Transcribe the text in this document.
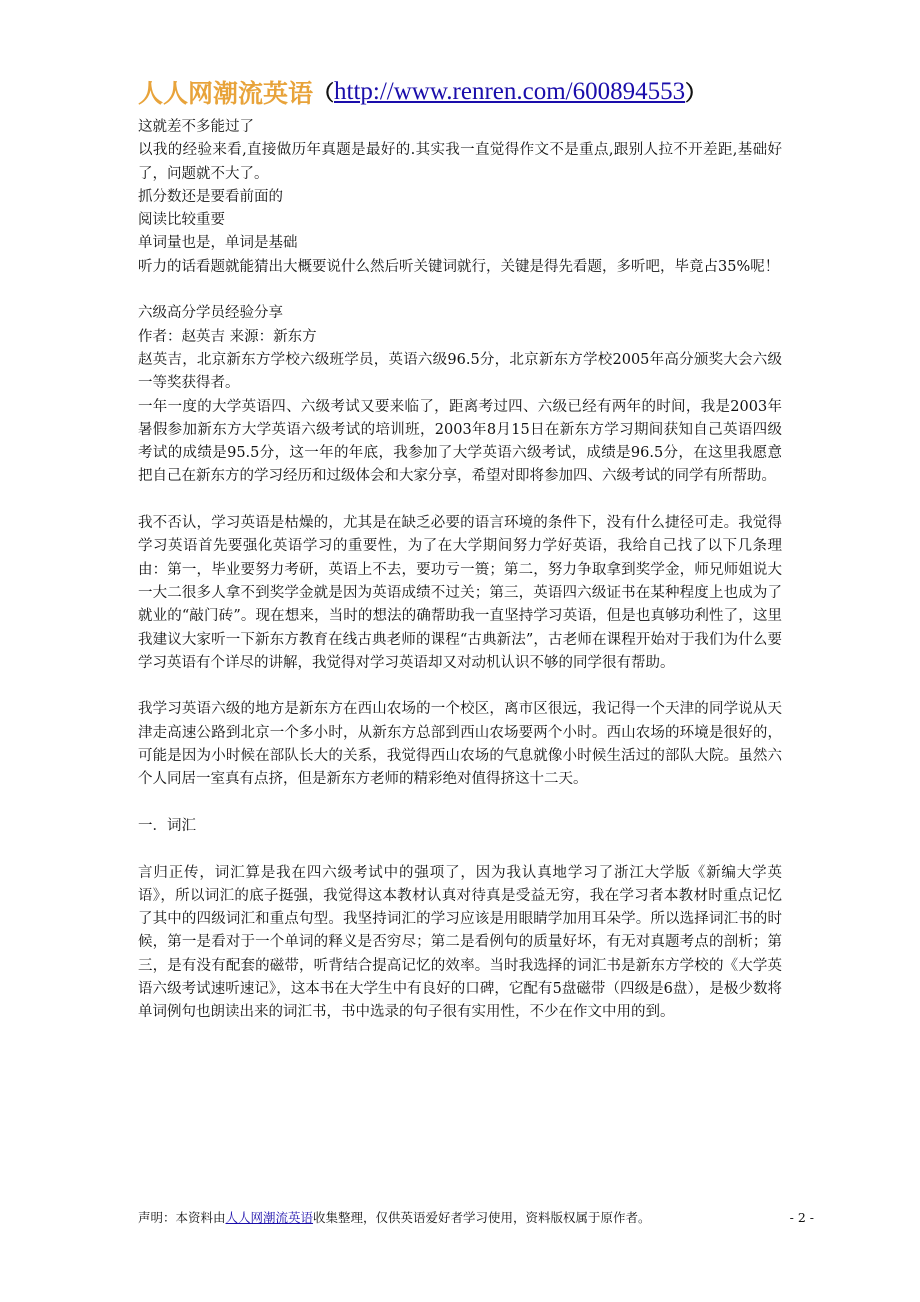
人人网潮流英语（http://www.renren.com/600894553）

这就差不多能过了

以我的经验来看,直接做历年真题是最好的.其实我一直觉得作文不是重点,跟别人拉不开差距,基础好了，问题就不大了。

抓分数还是要看前面的

阅读比较重要

单词量也是，单词是基础

听力的话看题就能猜出大概要说什么然后听关键词就行，关键是得先看题，多听吧，毕竟占35%呢！

六级高分学员经验分享

作者：赵英吉 来源：新东方

赵英吉，北京新东方学校六级班学员，英语六级96.5分，北京新东方学校2005年高分颁奖大会六级一等奖获得者。

一年一度的大学英语四、六级考试又要来临了，距离考过四、六级已经有两年的时间，我是2003年暑假参加新东方大学英语六级考试的培训班，2003年8月15日在新东方学习期间获知自己英语四级考试的成绩是95.5分，这一年的年底，我参加了大学英语六级考试，成绩是96.5分，在这里我愿意把自己在新东方的学习经历和过级体会和大家分享，希望对即将参加四、六级考试的同学有所帮助。

我不否认，学习英语是枯燥的，尤其是在缺乏必要的语言环境的条件下，没有什么捷径可走。我觉得学习英语首先要强化英语学习的重要性，为了在大学期间努力学好英语，我给自己找了以下几条理由：第一，毕业要努力考研，英语上不去，要功亏一篑；第二，努力争取拿到奖学金，师兄师姐说大一大二很多人拿不到奖学金就是因为英语成绩不过关；第三，英语四六级证书在某种程度上也成为了就业的“敲门砖”。现在想来，当时的想法的确帮助我一直坚持学习英语，但是也真够功利性了，这里我建议大家听一下新东方教育在线古典老师的课程“古典新法”，古老师在课程开始对于我们为什么要学习英语有个详尽的讲解，我觉得对学习英语却又对动机认识不够的同学很有帮助。

我学习英语六级的地方是新东方在西山农场的一个校区，离市区很远，我记得一个天津的同学说从天津走高速公路到北京一个多小时，从新东方总部到西山农场要两个小时。西山农场的环境是很好的，可能是因为小时候在部队长大的关系，我觉得西山农场的气息就像小时候生活过的部队大院。虽然六个人同居一室真有点挤，但是新东方老师的精彩绝对值得挤这十二天。

一．词汇

言归正传，词汇算是我在四六级考试中的强项了，因为我认真地学习了浙江大学版《新编大学英语》，所以词汇的底子挺强，我觉得这本教材认真对待真是受益无穷，我在学习者本教材时重点记忆了其中的四级词汇和重点句型。我坚持词汇的学习应该是用眼睛学加用耳朵学。所以选择词汇书的时候，第一是看对于一个单词的释义是否穷尽；第二是看例句的质量好坏，有无对真题考点的剖析；第三，是有没有配套的磁带，听背结合提高记忆的效率。当时我选择的词汇书是新东方学校的《大学英语六级考试速听速记》，这本书在大学生中有良好的口碑，它配有5盘磁带（四级是6盘），是极少数将单词例句也朗读出来的词汇书，书中选录的句子很有实用性，不少在作文中用的到。

声明：本资料由人人网潮流英语收集整理，仅供英语爱好者学习使用，资料版权属于原作者。	- 2 -
